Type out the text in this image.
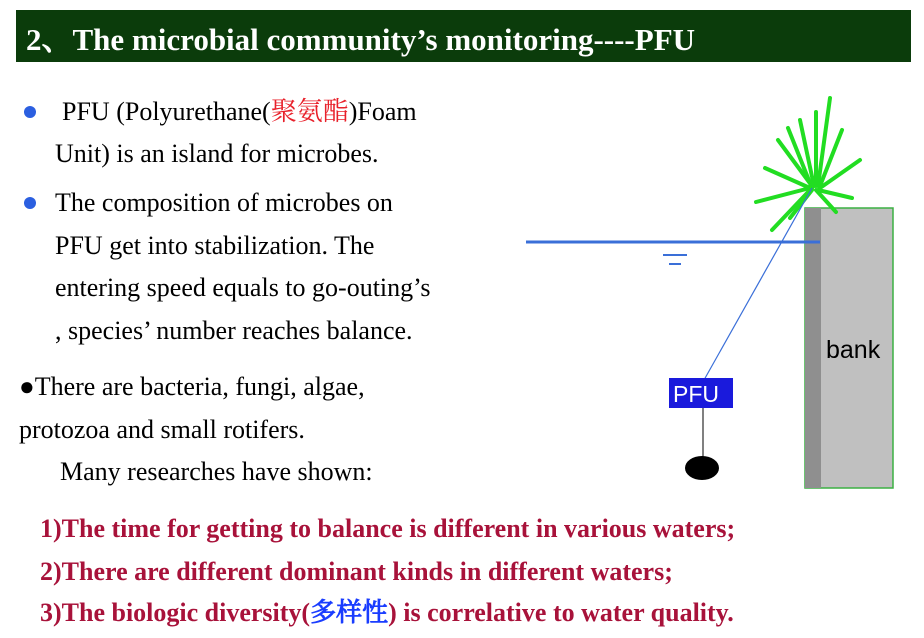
2、The microbial community’s monitoring----PFU
PFU (Polyurethane(聚氨酯)Foam
Unit) is an island for microbes.
The composition of microbes on
PFU get into stabilization. The
entering speed equals to go-outing’s
, species’ number reaches balance.
●There are bacteria, fungi, algae,
protozoa and small rotifers.
Many researches have shown:
1)The time for getting to balance is different in various waters;
2)There are different dominant kinds in different waters;
3)The biologic diversity(多样性) is correlative to water quality.
bank
PFU
